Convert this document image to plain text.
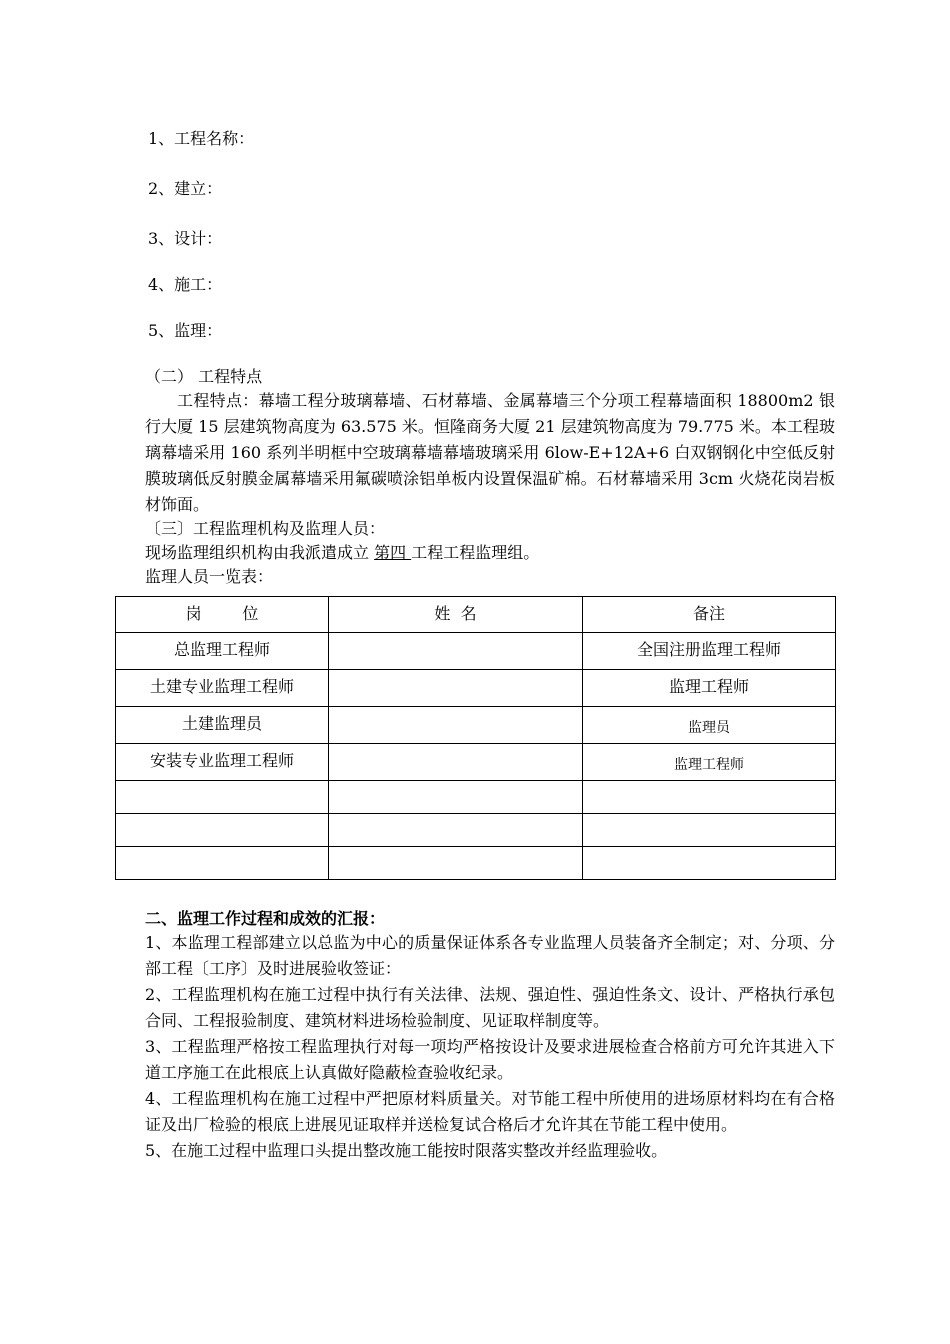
1、工程名称：
2、建立：
3、设计：
4、施工：
5、监理：
（二） 工程特点

工程特点：幕墙工程分玻璃幕墙、石材幕墙、金属幕墙三个分项工程幕墙面积 18800m2 银行大厦 15 层建筑物高度为 63.575 米。恒隆商务大厦 21 层建筑物高度为 79.775 米。本工程玻璃幕墙采用 160 系列半明框中空玻璃幕墙幕墙玻璃采用 6low-E+12A+6 白双钢钢化中空低反射膜玻璃低反射膜金属幕墙采用氟碳喷涂铝单板内设置保温矿棉。石材幕墙采用 3cm 火烧花岗岩板材饰面。

〔三〕工程监理机构及监理人员：
现场监理组织机构由我派遣成立 第四 工程工程监理组。
监理人员一览表：
岗        位	姓  名	备注
总监理工程师		全国注册监理工程师
土建专业监理工程师		监理工程师
土建监理员		监理员
安装专业监理工程师		监理工程师

二、监理工作过程和成效的汇报：

1、本监理工程部建立以总监为中心的质量保证体系各专业监理人员装备齐全制定；对、分项、分部工程〔工序〕及时进展验收签证：

2、工程监理机构在施工过程中执行有关法律、法规、强迫性、强迫性条文、设计、严格执行承包合同、工程报验制度、建筑材料进场检验制度、见证取样制度等。

3、工程监理严格按工程监理执行对每一项均严格按设计及要求进展检查合格前方可允许其进入下道工序施工在此根底上认真做好隐蔽检查验收纪录。

4、工程监理机构在施工过程中严把原材料质量关。对节能工程中所使用的进场原材料均在有合格证及出厂检验的根底上进展见证取样并送检复试合格后才允许其在节能工程中使用。

5、在施工过程中监理口头提出整改施工能按时限落实整改并经监理验收。
